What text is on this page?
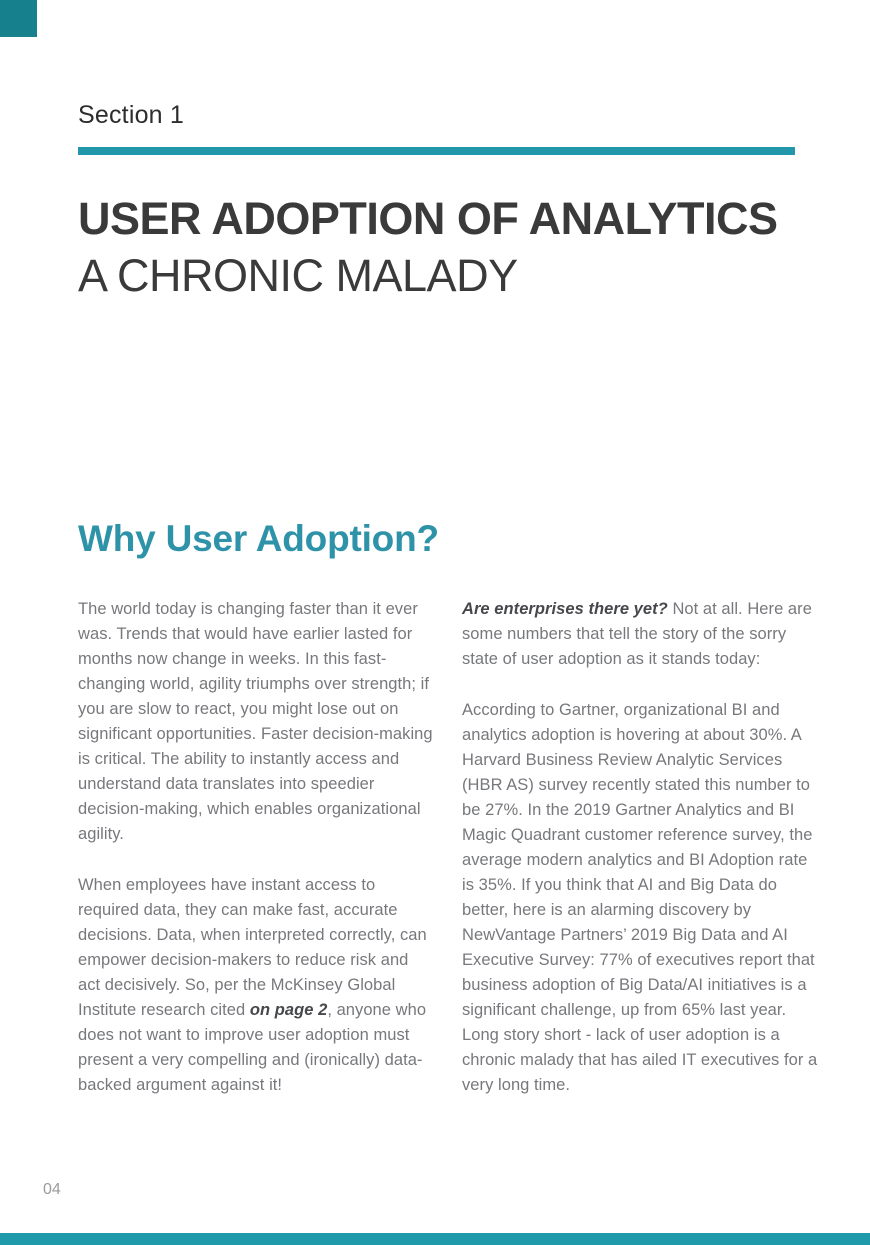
Section 1
USER ADOPTION OF ANALYTICS
A CHRONIC MALADY
Why User Adoption?

The world today is changing faster than it ever was. Trends that would have earlier lasted for months now change in weeks. In this fast-changing world, agility triumphs over strength; if you are slow to react, you might lose out on significant opportunities. Faster decision-making is critical. The ability to instantly access and understand data translates into speedier decision-making, which enables organizational agility.

When employees have instant access to required data, they can make fast, accurate decisions. Data, when interpreted correctly, can empower decision-makers to reduce risk and act decisively. So, per the McKinsey Global Institute research cited on page 2, anyone who does not want to improve user adoption must present a very compelling and (ironically) data-backed argument against it!

Are enterprises there yet? Not at all. Here are some numbers that tell the story of the sorry state of user adoption as it stands today:

According to Gartner, organizational BI and analytics adoption is hovering at about 30%. A Harvard Business Review Analytic Services (HBR AS) survey recently stated this number to be 27%. In the 2019 Gartner Analytics and BI Magic Quadrant customer reference survey, the average modern analytics and BI Adoption rate is 35%. If you think that AI and Big Data do better, here is an alarming discovery by NewVantage Partners’ 2019 Big Data and AI Executive Survey: 77% of executives report that business adoption of Big Data/AI initiatives is a significant challenge, up from 65% last year. Long story short - lack of user adoption is a chronic malady that has ailed IT executives for a very long time.

04
